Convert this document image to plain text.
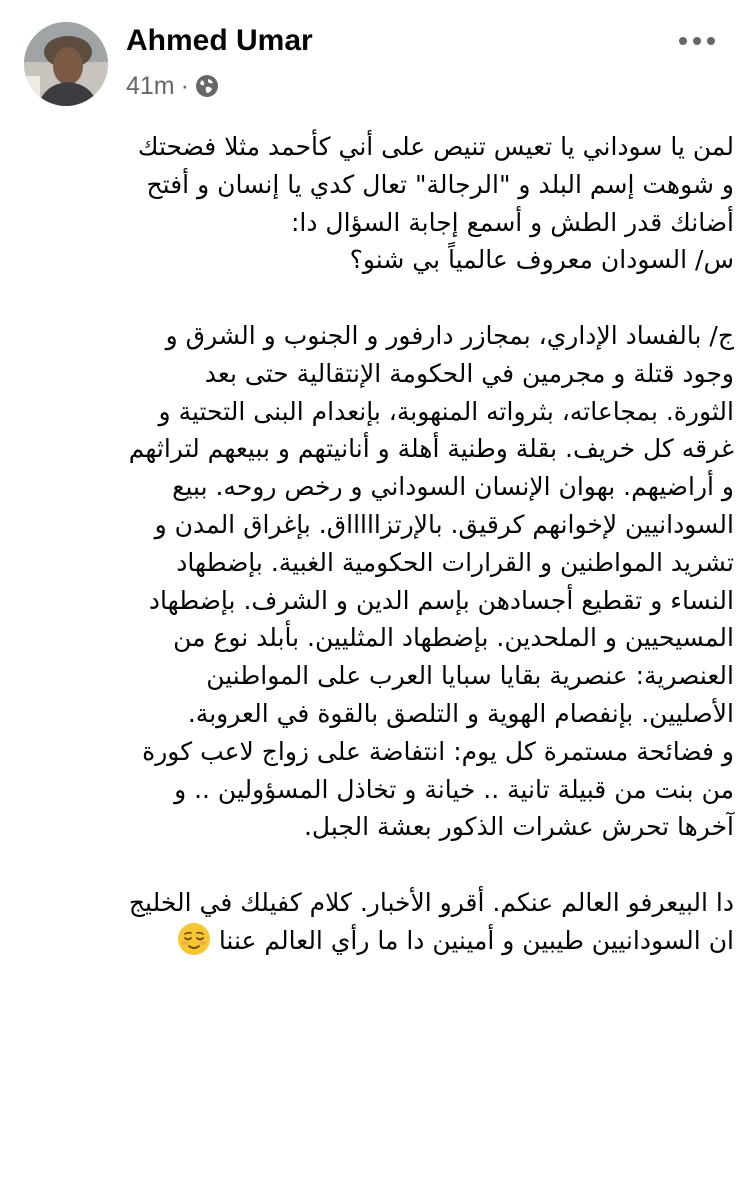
Ahmed Umar
41m ·
لمن يا سوداني يا تعيس تنيص على أني كأحمد مثلا فضحتك
و شوهت إسم البلد و "الرجالة" تعال كدي يا إنسان و أفتح
أضانك قدر الطش و أسمع إجابة السؤال دا:
س/ السودان معروف عالمياً بي شنو؟
ج/ بالفساد الإداري، بمجازر دارفور و الجنوب و الشرق و
وجود قتلة و مجرمين في الحكومة الإنتقالية حتى بعد
الثورة. بمجاعاته، بثرواته المنهوبة، بإنعدام البنى التحتية و
غرقه كل خريف. بقلة وطنية أهلة و أنانيتهم و ببيعهم لتراثهم
و أراضيهم. بهوان الإنسان السوداني و رخص روحه. ببيع
السودانيين لإخوانهم كرقيق. بالإرتزاااااق. بإغراق المدن و
تشريد المواطنين و القرارات الحكومية الغبية. بإضطهاد
النساء و تقطيع أجسادهن بإسم الدين و الشرف. بإضطهاد
المسيحيين و الملحدين. بإضطهاد المثليين. بأبلد نوع من
العنصرية: عنصرية بقايا سبايا العرب على المواطنين
الأصليين. بإنفصام الهوية و التلصق بالقوة في العروبة.
و فضائحة مستمرة كل يوم: انتفاضة على زواج لاعب كورة
من بنت من قبيلة تانية .. خيانة و تخاذل المسؤولين .. و
آخرها تحرش عشرات الذكور بعشة الجبل.
دا البيعرفو العالم عنكم. أقرو الأخبار. كلام كفيلك في الخليج
ان السودانيين طيبين و أمينين دا ما رأي العالم عننا
